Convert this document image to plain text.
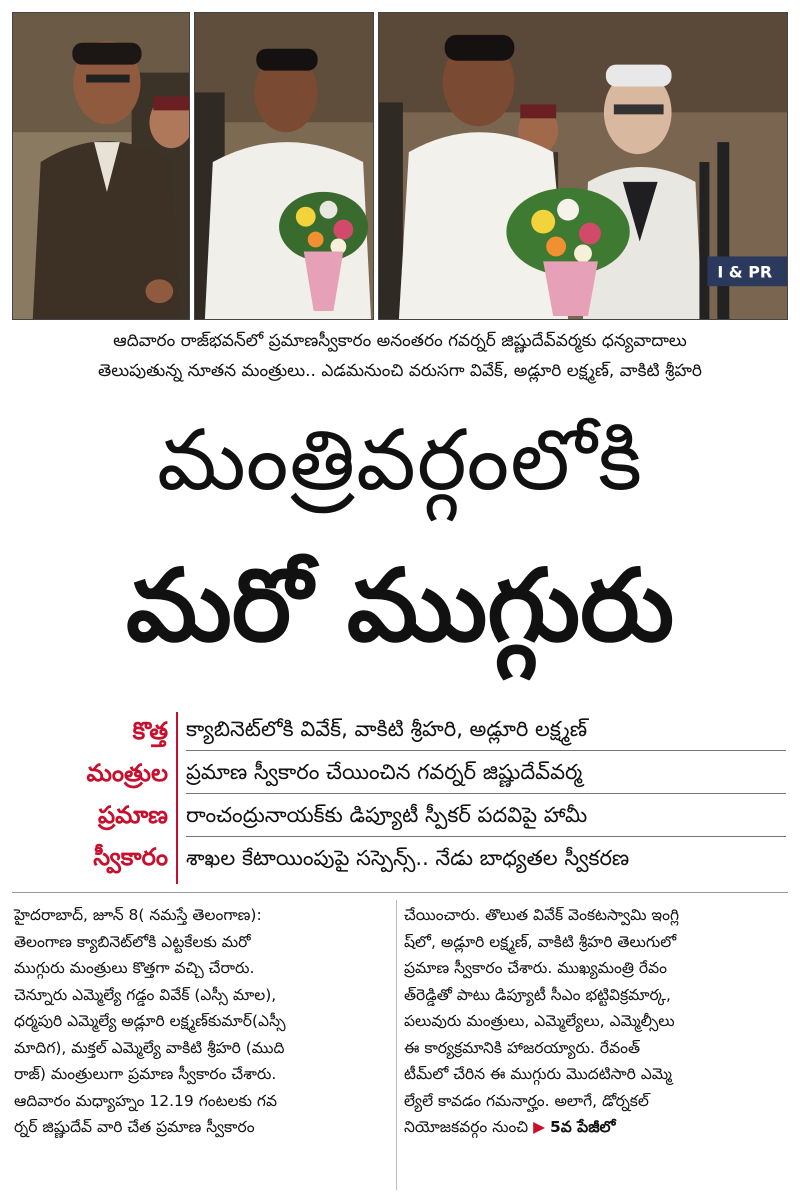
I & PR
ఆదివారం రాజ్‌భవన్‌లో ప్రమాణస్వీకారం అనంతరం గవర్నర్ జిష్ణుదేవ్‌వర్మకు ధన్యవాదాలు
తెలుపుతున్న నూతన మంత్రులు.. ఎడమనుంచి వరుసగా వివేక్, అడ్లూరి లక్ష్మణ్, వాకిటి శ్రీహరి
మంత్రివర్గంలోకి
మరో ముగ్గురు
కొత్త
మంత్రుల
ప్రమాణ
స్వీకారం
క్యాబినెట్‌లోకి వివేక్, వాకిటి శ్రీహరి, అడ్లూరి లక్ష్మణ్
ప్రమాణ స్వీకారం చేయించిన గవర్నర్ జిష్ణుదేవ్‌వర్మ
రాంచంద్రునాయక్‌కు డిప్యూటీ స్పీకర్ పదవిపై హామీ
శాఖల కేటాయింపుపై సస్పెన్స్.. నేడు బాధ్యతల స్వీకరణ
హైదరాబాద్, జూన్ 8( నమస్తే తెలంగాణ):
తెలంగాణ క్యాబినెట్‌లోకి ఎట్టకేలకు మరో
ముగ్గురు మంత్రులు కొత్తగా వచ్చి చేరారు.
చెన్నూరు ఎమ్మెల్యే గడ్డం వివేక్ (ఎస్సీ మాల),
ధర్మపురి ఎమ్మెల్యే అడ్లూరి లక్ష్మణ్‌కుమార్(ఎస్సీ
మాదిగ), మక్తల్ ఎమ్మెల్యే వాకిటి శ్రీహరి (ముది
రాజ్) మంత్రులుగా ప్రమాణ స్వీకారం చేశారు.
ఆదివారం మధ్యాహ్నం 12.19 గంటలకు గవ
ర్నర్ జిష్ణుదేవ్ వారి చేత ప్రమాణ స్వీకారం
చేయించారు. తొలుత వివేక్ వెంకటస్వామి ఇంగ్లి
ష్‌లో, అడ్లూరి లక్ష్మణ్, వాకిటి శ్రీహరి తెలుగులో
ప్రమాణ స్వీకారం చేశారు. ముఖ్యమంత్రి రేవం
త్‌రెడ్డితో పాటు డిప్యూటీ సీఎం భట్టివిక్రమార్క,
పలువురు మంత్రులు, ఎమ్మెల్యేలు, ఎమ్మెల్సీలు
ఈ కార్యక్రమానికి హాజరయ్యారు. రేవంత్
టీమ్‌లో చేరిన ఈ ముగ్గురు మొదటిసారి ఎమ్మె
ల్యేలే కావడం గమనార్హం. అలాగే, డోర్నకల్
నియోజకవర్గం నుంచి ▶ 5వ పేజీలో
